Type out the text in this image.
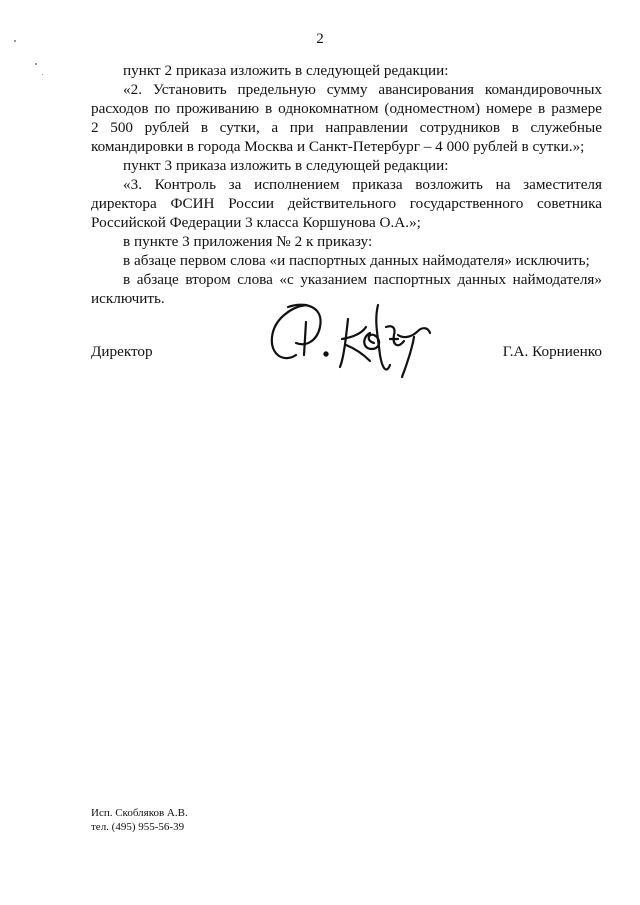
2
пункт 2 приказа изложить в следующей редакции:
«2. Установить предельную сумму авансирования командировочных
расходов по проживанию в однокомнатном (одноместном) номере в размере
2 500 рублей в сутки, а при направлении сотрудников в служебные
командировки в города Москва и Санкт-Петербург – 4 000 рублей в сутки.»;
пункт 3 приказа изложить в следующей редакции:
«3. Контроль за исполнением приказа возложить на заместителя
директора ФСИН России действительного государственного советника
Российской Федерации 3 класса Коршунова О.А.»;
в пункте 3 приложения № 2 к приказу:
в абзаце первом слова «и паспортных данных наймодателя» исключить;
в абзаце втором слова «с указанием паспортных данных наймодателя»
исключить.
Директор	Г.А. Корниенко
Исп. Скобляков А.В.
тел. (495) 955-56-39
